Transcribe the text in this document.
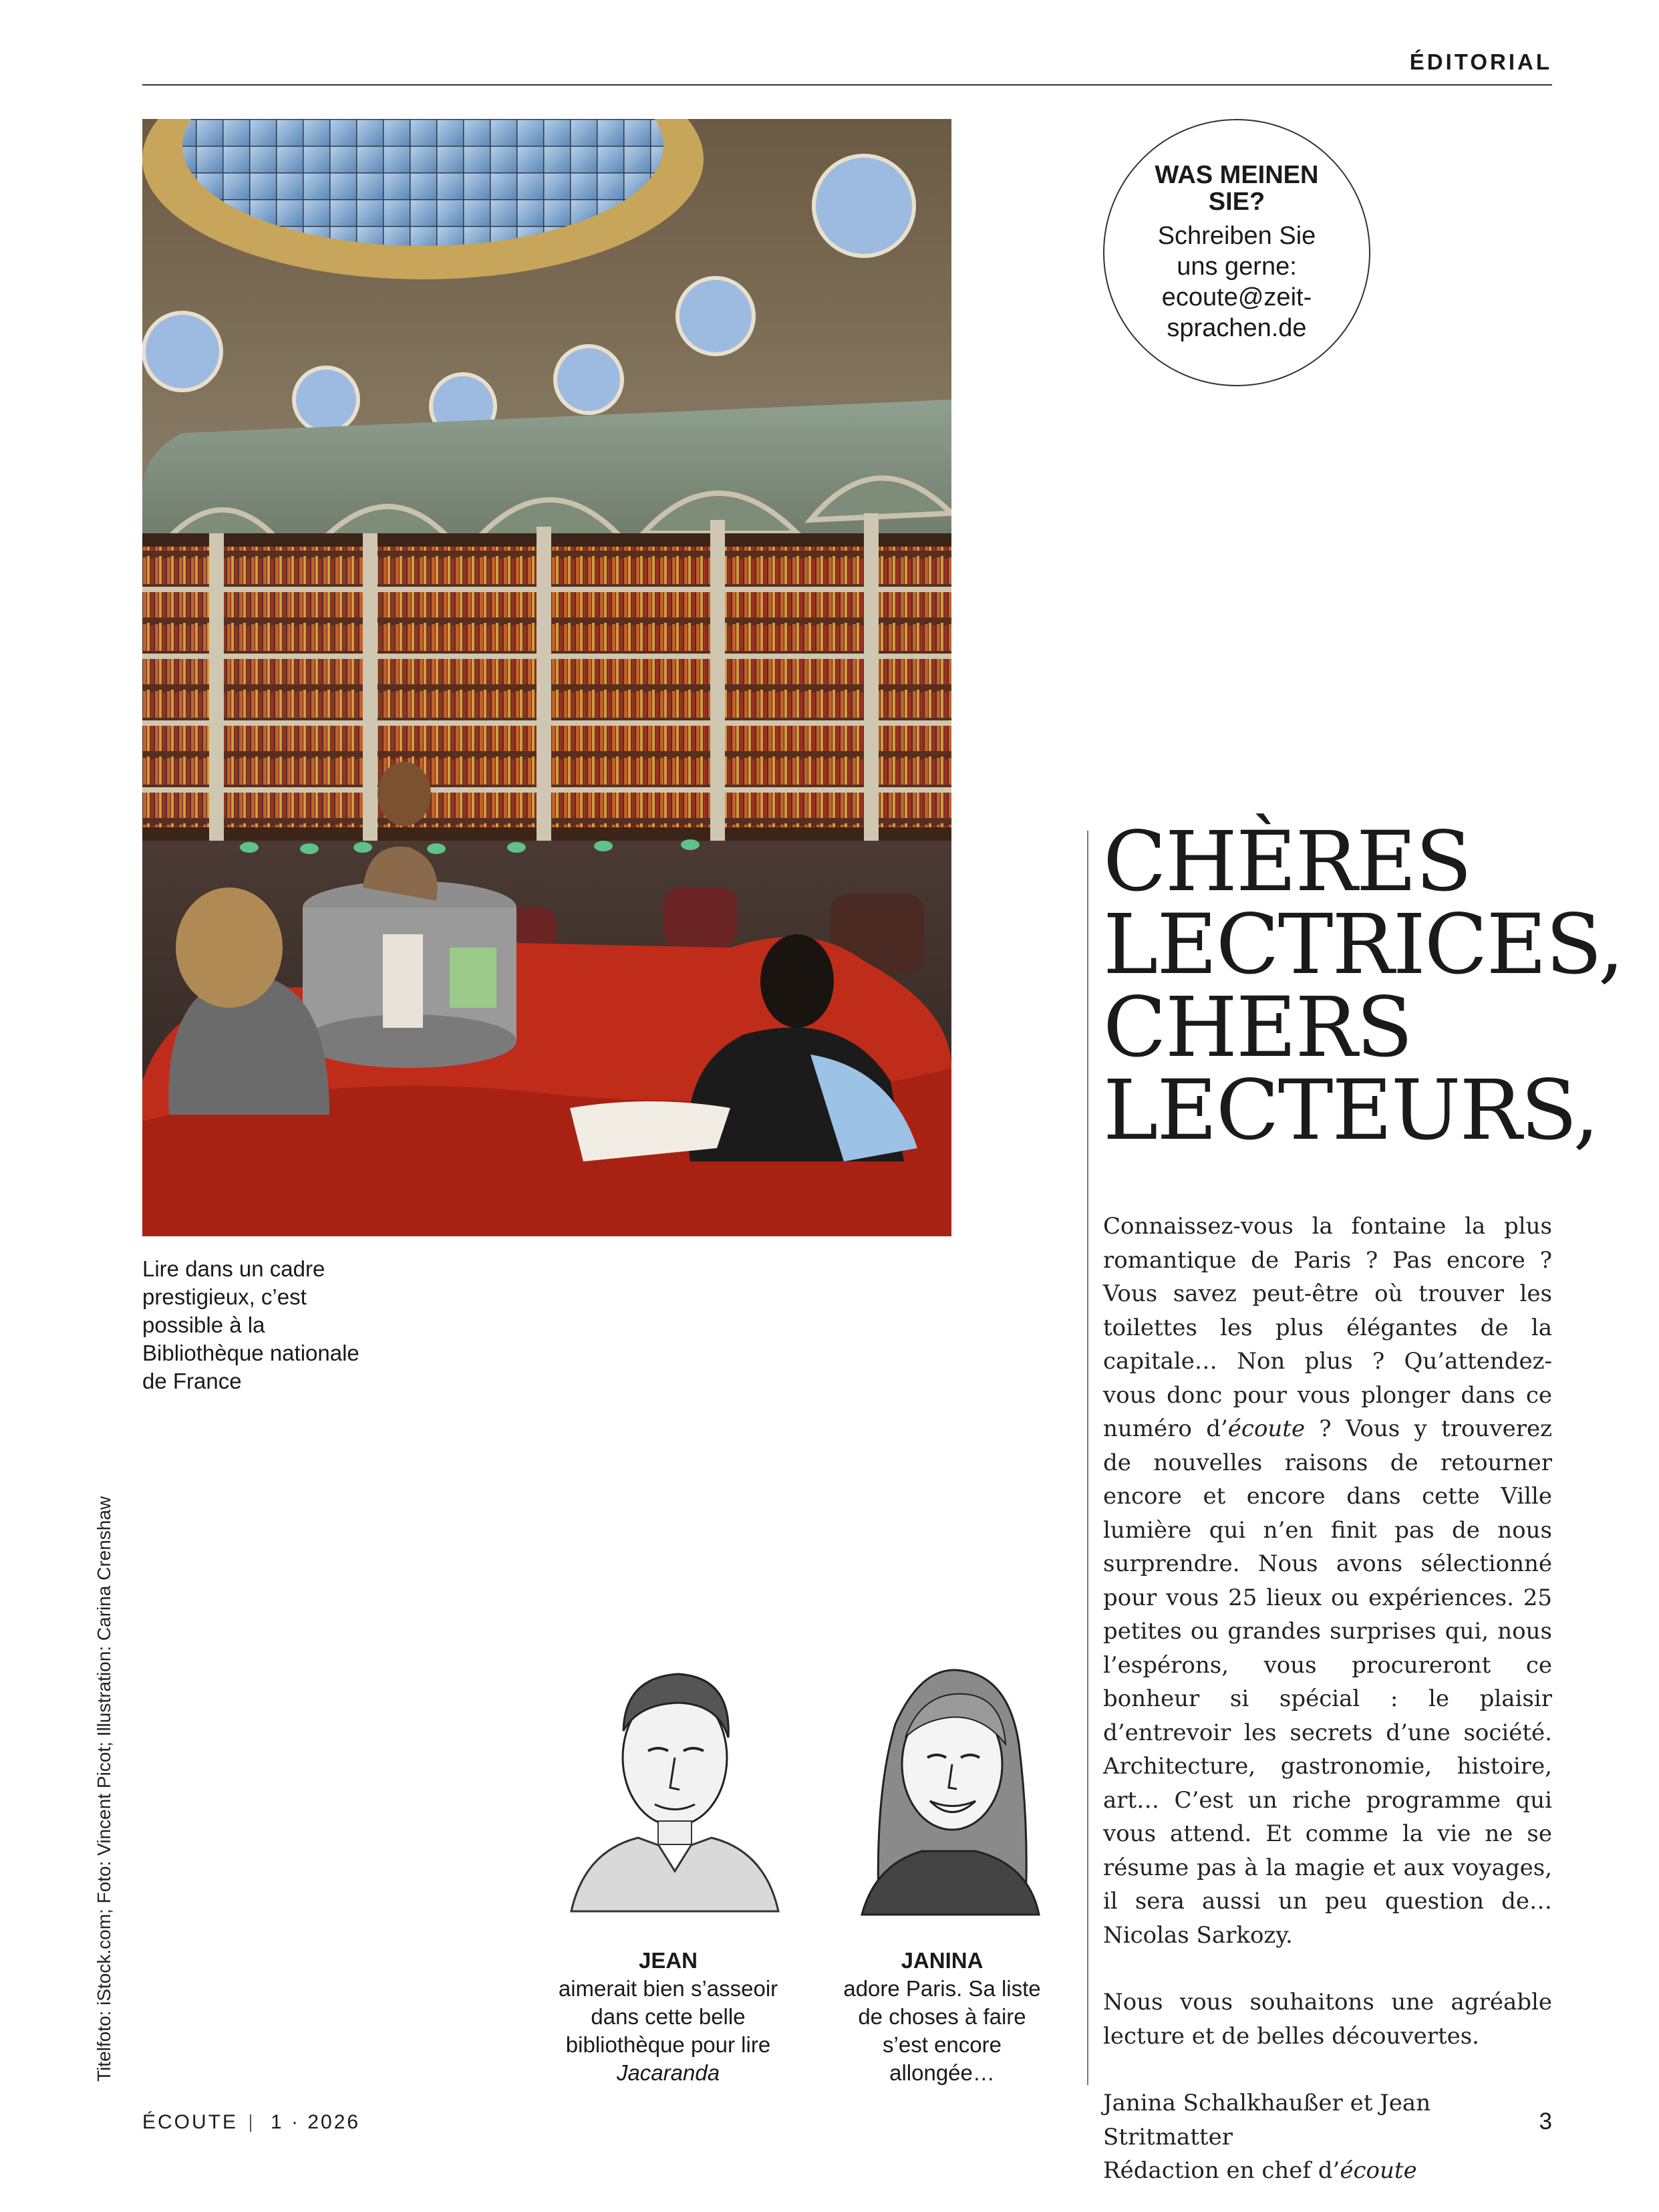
ÉDITORIAL
Lire dans un cadre prestigieux, c’est possible à la Bibliothèque nationale de France
WAS MEINEN SIE?
Schreiben Sie uns gerne: ecoute@zeit-sprachen.de
CHÈRES
LECTRICES,
CHERS
LECTEURS,

Connaissez-vous la fontaine la plus romantique de Paris ? Pas encore ? Vous savez peut-être où trouver les toilettes les plus élégantes de la capitale… Non plus ? Qu’attendez-vous donc pour vous plonger dans ce numéro d’écoute ? Vous y trouverez de nouvelles raisons de retourner encore et encore dans cette Ville lumière qui n’en finit pas de nous surprendre. Nous avons sélectionné pour vous 25 lieux ou expériences. 25 petites ou grandes surprises qui, nous l’espérons, vous procureront ce bonheur si spécial : le plaisir d’entrevoir les secrets d’une société. Architecture, gastronomie, histoire, art… C’est un riche programme qui vous attend. Et comme la vie ne se résume pas à la magie et aux voyages, il sera aussi un peu question de… Nicolas Sarkozy.

Nous vous souhaitons une agréable lecture et de belles découvertes.

Janina Schalkhaußer et Jean Stritmatter
Rédaction en chef d’écoute

JEAN
aimerait bien s’asseoir dans cette belle bibliothèque pour lire Jacaranda
JANINA
adore Paris. Sa liste de choses à faire s’est encore allongée…
Titelfoto: iStock.com; Foto: Vincent Picot; Illustration: Carina Crenshaw
ÉCOUTE 1 · 2026	3
